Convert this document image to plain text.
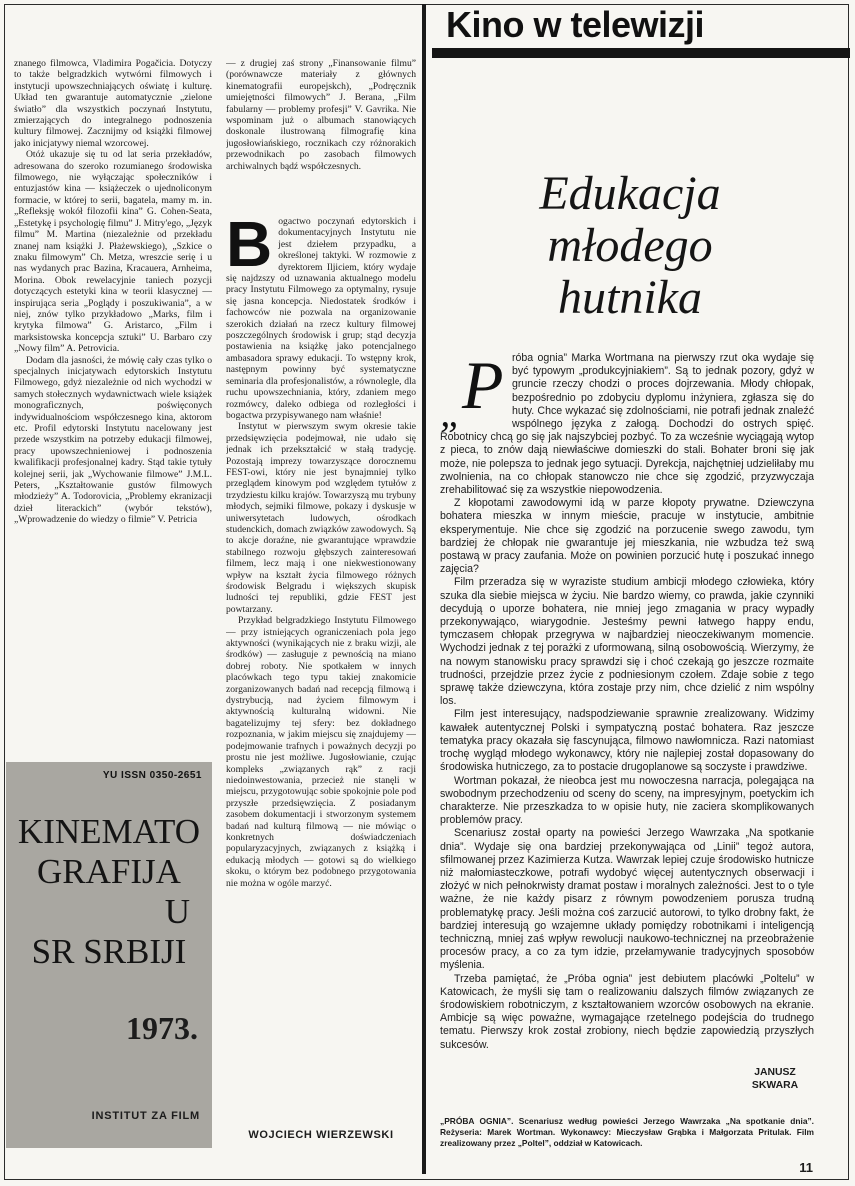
znanego filmowca, Vladimira Pogačicia. Dotyczy to także belgradzkich wytwórni filmowych i instytucji upowszechniających oświatę i kulturę. Układ ten gwarantuje automatycznie „zielone światło” dla wszystkich poczynań Instytutu, zmierzających do integralnego podnoszenia kultury filmowej. Zacznijmy od książki filmowej jako inicjatywy niemal wzorcowej.

Otóż ukazuje się tu od lat seria przekładów, adresowana do szeroko rozumianego środowiska filmowego, nie wyłączając społeczników i entuzjastów kina — książeczek o ujednoliconym formacie, w której to serii, bagatela, mamy m. in. „Refleksję wokół filozofii kina” G. Cohen-Seata, „Estetykę i psychologię filmu” J. Mitry'ego, „Język filmu” M. Martina (niezależnie od przekładu znanej nam książki J. Płażewskiego), „Szkice o znaku filmowym” Ch. Metza, wreszcie serię i u nas wydanych prac Bazina, Kracauera, Arnheima, Morina. Obok rewelacyjnie taniech pozycji dotyczących estetyki kina w teorii klasycznej — inspirująca seria „Poglądy i poszukiwania”, a w niej, znów tylko przykładowo „Marks, film i krytyka filmowa” G. Aristarco, „Film i marksistowska koncepcja sztuki” U. Barbaro czy „Nowy film” A. Petrovicia.

Dodam dla jasności, że mówię cały czas tylko o specjalnych inicjatywach edytorskich Instytutu Filmowego, gdyż niezależnie od nich wychodzi w samych stołecznych wydawnictwach wiele książek monograficznych, poświęconych indywidualnościom współczesnego kina, aktorom etc. Profil edytorski Instytutu nacelowany jest przede wszystkim na potrzeby edukacji filmowej, pracy upowszechnieniowej i podnoszenia kwalifikacji profesjonalnej kadry. Stąd takie tytuły kolejnej serii, jak „Wychowanie filmowe” J.M.L. Peters, „Kształtowanie gustów filmowych młodzieży” A. Todorovicia, „Problemy ekranizacji dzieł literackich” (wybór tekstów), „Wprowadzenie do wiedzy o filmie” V. Petricia

— z drugiej zaś strony „Finansowanie filmu” (porównawcze materiały z głównych kinematografii europejskch), „Podręcznik umiejętności filmowych” J. Berana, „Film fabularny — problemy profesji” V. Gavrika. Nie wspominam już o albumach stanowiących doskonale ilustrowaną filmografię kina jugosłowiańskiego, rocznikach czy różnorakich przewodnikach po zasobach filmowych archiwalnych bądź współczesnych.

B ogactwo poczynań edytorskich i dokumentacyjnych Instytutu nie jest dziełem przypadku, a określonej taktyki. W rozmowie z dyrektorem Iljiciem, który wydaje się najdzszy od uznawania aktualnego modelu pracy Instytutu Filmowego za optymalny, rysuje się jasna koncepcja. Niedostatek środków i fachowców nie pozwala na organizowanie szerokich działań na rzecz kultury filmowej poszczególnych środowisk i grup; stąd decyzja postawienia na książkę jako potencjalnego ambasadora sprawy edukacji. To wstępny krok, następnym powinny być systematyczne seminaria dla profesjonalistów, a równolegle, dla ruchu upowszechniania, który, zdaniem mego rozmówcy, daleko odbiega od rozległości i bogactwa przypisywanego nam właśnie!

Instytut w pierwszym swym okresie takie przedsięwzięcia podejmował, nie udało się jednak ich przekształcić w stałą tradycję. Pozostają imprezy towarzyszące dorocznemu FEST-owi, który nie jest bynajmniej tylko przeglądem kinowym pod względem tytułów z trzydziestu kilku krajów. Towarzyszą mu trybuny młodych, sejmiki filmowe, pokazy i dyskusje w uniwersytetach ludowych, ośrodkach studenckich, domach związków zawodowych. Są to akcje doraźne, nie gwarantujące wprawdzie stabilnego rozwoju głębszych zainteresowań filmem, lecz mają i one niekwestionowany wpływ na kształt życia filmowego różnych środowisk Belgradu i większych skupisk ludności tej republiki, gdzie FEST jest powtarzany.

Przykład belgradzkiego Instytutu Filmowego — przy istniejących ograniczeniach pola jego aktywności (wynikających nie z braku wizji, ale środków) — zasługuje z pewnością na miano dobrej roboty. Nie spotkałem w innych placówkach tego typu takiej znakomicie zorganizowanych badań nad recepcją filmową i dystrybucją, nad życiem filmowym i aktywnością kulturalną widowni. Nie bagatelizujmy tej sfery: bez dokładnego rozpoznania, w jakim miejscu się znajdujemy — podejmowanie trafnych i poważnych decyzji po prostu nie jest możliwe. Jugosłowianie, czując kompleks „związanych rąk” z racji niedoinwestowania, przecież nie stanęli w miejscu, przygotowując sobie spokojnie pole pod przyszłe przedsięwzięcia. Z posiadanym zasobem dokumentacji i stworzonym systemem badań nad kulturą filmową — nie mówiąc o konkretnych doświadczeniach popularyzacyjnych, związanych z książką i edukacją młodych — gotowi są do wielkiego skoku, o którym bez podobnego przygotowania nie można w ogóle marzyć.

WOJCIECH WIERZEWSKI
YU ISSN 0350-2651
KINEMATO
GRAFIJA
U
SR SRBIJI
1973.
INSTITUT ZA FILM
Kino w telewizji
Edukacja
młodego
hutnika

„ P róba ognia” Marka Wortmana na pierwszy rzut oka wydaje się być typowym „produkcyjniakiem”. Są to jednak pozory, gdyż w gruncie rzeczy chodzi o proces dojrzewania. Młody chłopak, bezpośrednio po zdobyciu dyplomu inżyniera, zgłasza się do huty. Chce wykazać się zdolnościami, nie potrafi jednak znaleźć wspólnego języka z załogą. Dochodzi do ostrych spięć. Robotnicy chcą go się jak najszybciej pozbyć. To za wcześnie wyciągają wytop z pieca, to znów dają niewłaściwe domieszki do stali. Bohater broni się jak może, nie polepsza to jednak jego sytuacji. Dyrekcja, najchętniej udzieliłaby mu zwolnienia, na co chłopak stanowczo nie chce się zgodzić, przyzwyczaja zrehabilitować się za wszystkie niepowodzenia.

Z kłopotami zawodowymi idą w parze kłopoty prywatne. Dziewczyna bohatera mieszka w innym mieście, pracuje w instytucie, ambitnie eksperymentuje. Nie chce się zgodzić na porzucenie swego zawodu, tym bardziej że chłopak nie gwarantuje jej mieszkania, nie wzbudza też swą postawą w pracy zaufania. Może on powinien porzucić hutę i poszukać innego zajęcia?

Film przeradza się w wyraziste studium ambicji młodego człowieka, który szuka dla siebie miejsca w życiu. Nie bardzo wiemy, co prawda, jakie czynniki decydują o uporze bohatera, nie mniej jego zmagania w pracy wypadły przekonywająco, wiarygodnie. Jesteśmy pewni łatwego happy endu, tymczasem chłopak przegrywa w najbardziej nieoczekiwanym momencie. Wychodzi jednak z tej porażki z uformowaną, silną osobowością. Wierzymy, że na nowym stanowisku pracy sprawdzi się i choć czekają go jeszcze rozmaite trudności, przejdzie przez życie z podniesionym czołem. Zdaje sobie z tego sprawę także dziewczyna, która zostaje przy nim, chce dzielić z nim wspólny los.

Film jest interesujący, nadspodziewanie sprawnie zrealizowany. Widzimy kawałek autentycznej Polski i sympatyczną postać bohatera. Raz jeszcze tematyka pracy okazała się fascynująca, filmowo nawłomnicza. Razi natomiast trochę wygląd młodego wykonawcy, który nie najlepiej został dopasowany do środowiska hutniczego, za to postacie drugoplanowe są soczyste i prawdziwe.

Wortman pokazał, że nieobca jest mu nowoczesna narracja, polegająca na swobodnym przechodzeniu od sceny do sceny, na impresyjnym, poetyckim ich charakterze. Nie przeszkadza to w opisie huty, nie zaciera skomplikowanych problemów pracy.

Scenariusz został oparty na powieści Jerzego Wawrzaka „Na spotkanie dnia”. Wydaje się ona bardziej przekonywająca od „Linii” tegoż autora, sfilmowanej przez Kazimierza Kutza. Wawrzak lepiej czuje środowisko hutnicze niż małomiasteczkowe, potrafi wydobyć więcej autentycznych obserwacji i złożyć w nich pełnokrwisty dramat postaw i moralnych zależności. Jest to o tyle ważne, że nie każdy pisarz z równym powodzeniem porusza trudną problematykę pracy. Jeśli można coś zarzucić autorowi, to tylko drobny fakt, że bardziej interesują go wzajemne układy pomiędzy robotnikami i inteligencją techniczną, mniej zaś wpływ rewolucji naukowo-technicznej na przeobrażenie procesów pracy, a co za tym idzie, przełamywanie tradycyjnych sposobów myślenia.

Trzeba pamiętać, że „Próba ognia” jest debiutem placówki „Poltelu” w Katowicach, że myśli się tam o realizowaniu dalszych filmów związanych ze środowiskiem robotniczym, z kształtowaniem wzorców osobowych na ekranie. Ambicje są więc poważne, wymagające rzetelnego podejścia do trudnego tematu. Pierwszy krok został zrobiony, niech będzie zapowiedzią przyszłych sukcesów.

JANUSZ
SKWARA
„PRÓBA OGNIA”. Scenariusz według powieści Jerzego Wawrzaka „Na spotkanie dnia”. Reżyseria: Marek Wortman. Wykonawcy: Mieczysław Grąbka i Małgorzata Pritulak. Film zrealizowany przez „Poltel”, oddział w Katowicach.
11
